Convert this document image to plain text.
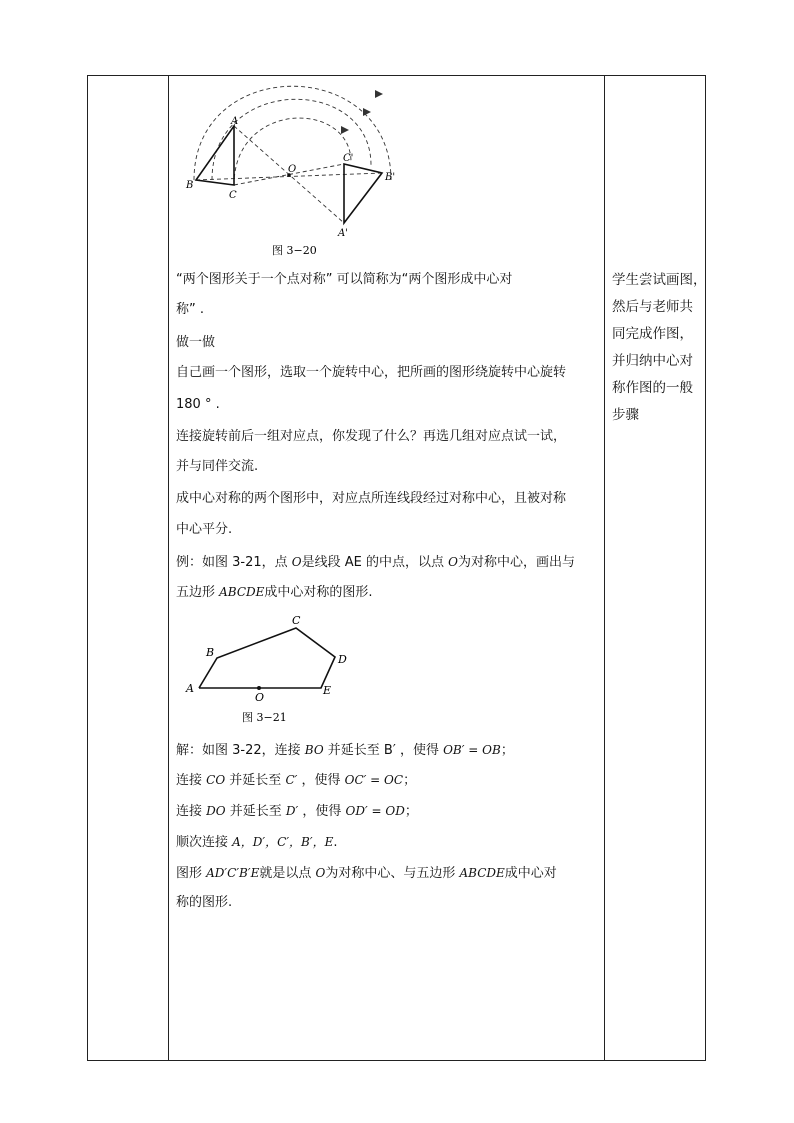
A
B
C
O
C'
B'
A'
图 3−20
“两个图形关于一个点对称” 可以简称为“两个图形成中心对
称” .
做一做
自己画一个图形，选取一个旋转中心，把所画的图形绕旋转中心旋转
180 ° .
连接旋转前后一组对应点，你发现了什么？再选几组对应点试一试，
并与同伴交流.
成中心对称的两个图形中，对应点所连线段经过对称中心，且被对称
中心平分.
例：如图 3-21，点 O是线段 AE 的中点，以点 O为对称中心，画出与
五边形 ABCDE成中心对称的图形.
A
B
C
D
E
O
图 3−21
解：如图 3-22，连接 BO 并延长至 B′ ，使得 OB′ = OB；
连接 CO 并延长至 C′ ，使得 OC′ = OC；
连接 DO 并延长至 D′ ，使得 OD′ = OD；
顺次连接 A，D′，C′，B′，E.
图形 AD′C′B′E就是以点 O为对称中心、与五边形 ABCDE成中心对
称的图形.
学生尝试画图，
然后与老师共
同完成作图，
并归纳中心对
称作图的一般
步骤
